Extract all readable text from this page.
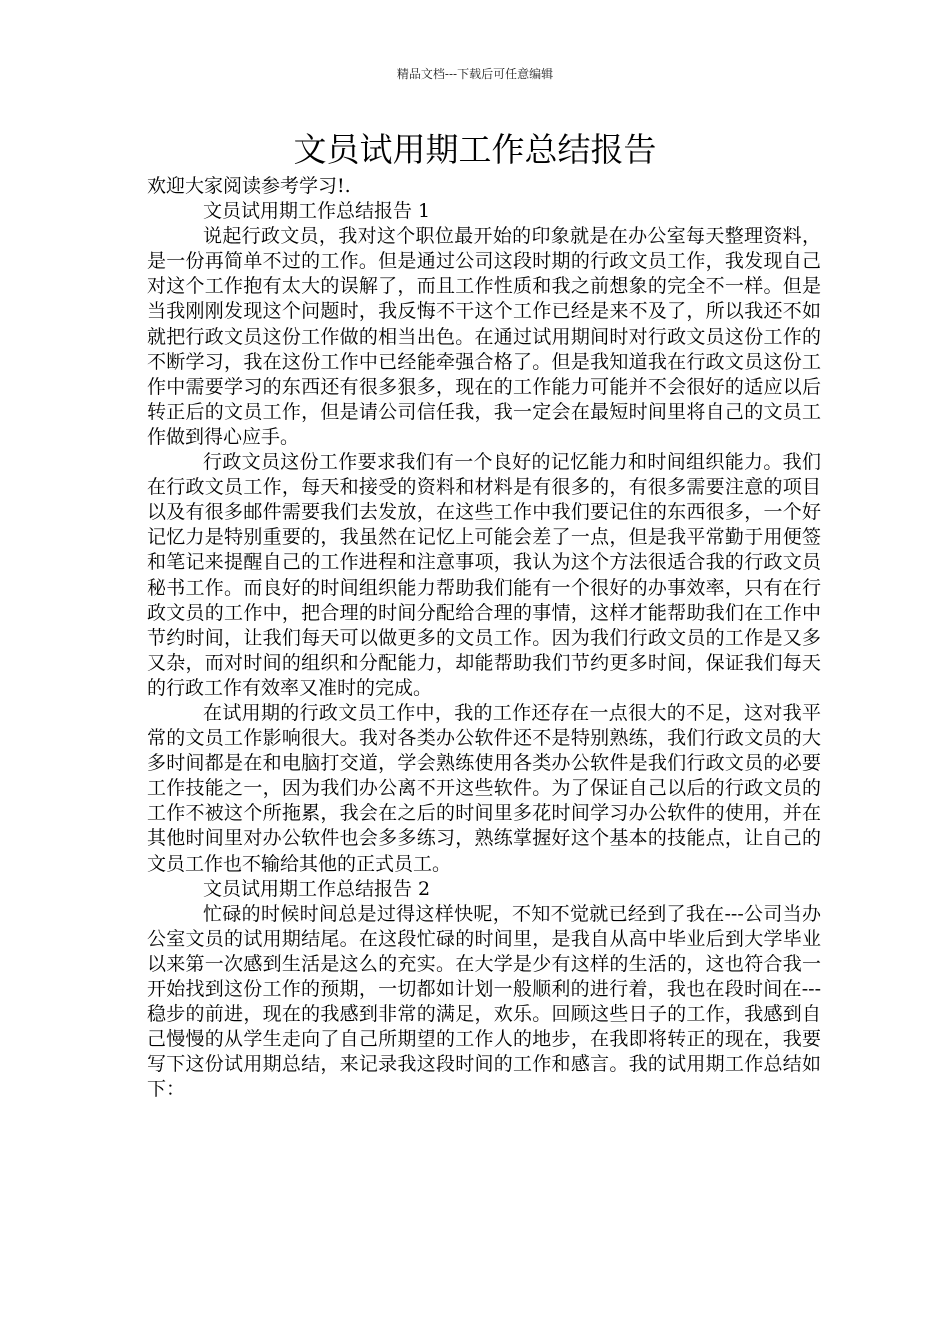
精品文档---下载后可任意编辑
文员试用期工作总结报告

欢迎大家阅读参考学习!.

文员试用期工作总结报告 1

说起行政文员，我对这个职位最开始的印象就是在办公室每天整理资料，是一份再简单不过的工作。但是通过公司这段时期的行政文员工作，我发现自己对这个工作抱有太大的误解了，而且工作性质和我之前想象的完全不一样。但是当我刚刚发现这个问题时，我反悔不干这个工作已经是来不及了，所以我还不如就把行政文员这份工作做的相当出色。在通过试用期间时对行政文员这份工作的不断学习，我在这份工作中已经能牵强合格了。但是我知道我在行政文员这份工作中需要学习的东西还有很多狠多，现在的工作能力可能并不会很好的适应以后转正后的文员工作，但是请公司信任我，我一定会在最短时间里将自己的文员工作做到得心应手。

行政文员这份工作要求我们有一个良好的记忆能力和时间组织能力。我们在行政文员工作，每天和接受的资料和材料是有很多的，有很多需要注意的项目以及有很多邮件需要我们去发放，在这些工作中我们要记住的东西很多，一个好记忆力是特别重要的，我虽然在记忆上可能会差了一点，但是我平常勤于用便签和笔记来提醒自己的工作进程和注意事项，我认为这个方法很适合我的行政文员秘书工作。而良好的时间组织能力帮助我们能有一个很好的办事效率，只有在行政文员的工作中，把合理的时间分配给合理的事情，这样才能帮助我们在工作中节约时间，让我们每天可以做更多的文员工作。因为我们行政文员的工作是又多又杂，而对时间的组织和分配能力，却能帮助我们节约更多时间，保证我们每天的行政工作有效率又准时的完成。

在试用期的行政文员工作中，我的工作还存在一点很大的不足，这对我平常的文员工作影响很大。我对各类办公软件还不是特别熟练，我们行政文员的大多时间都是在和电脑打交道，学会熟练使用各类办公软件是我们行政文员的必要工作技能之一，因为我们办公离不开这些软件。为了保证自己以后的行政文员的工作不被这个所拖累，我会在之后的时间里多花时间学习办公软件的使用，并在其他时间里对办公软件也会多多练习，熟练掌握好这个基本的技能点，让自己的文员工作也不输给其他的正式员工。

文员试用期工作总结报告 2

忙碌的时候时间总是过得这样快呢，不知不觉就已经到了我在---公司当办公室文员的试用期结尾。在这段忙碌的时间里，是我自从高中毕业后到大学毕业以来第一次感到生活是这么的充实。在大学是少有这样的生活的，这也符合我一开始找到这份工作的预期，一切都如计划一般顺利的进行着，我也在段时间在---稳步的前进，现在的我感到非常的满足，欢乐。回顾这些日子的工作，我感到自己慢慢的从学生走向了自己所期望的工作人的地步，在我即将转正的现在，我要写下这份试用期总结，来记录我这段时间的工作和感言。我的试用期工作总结如下：
